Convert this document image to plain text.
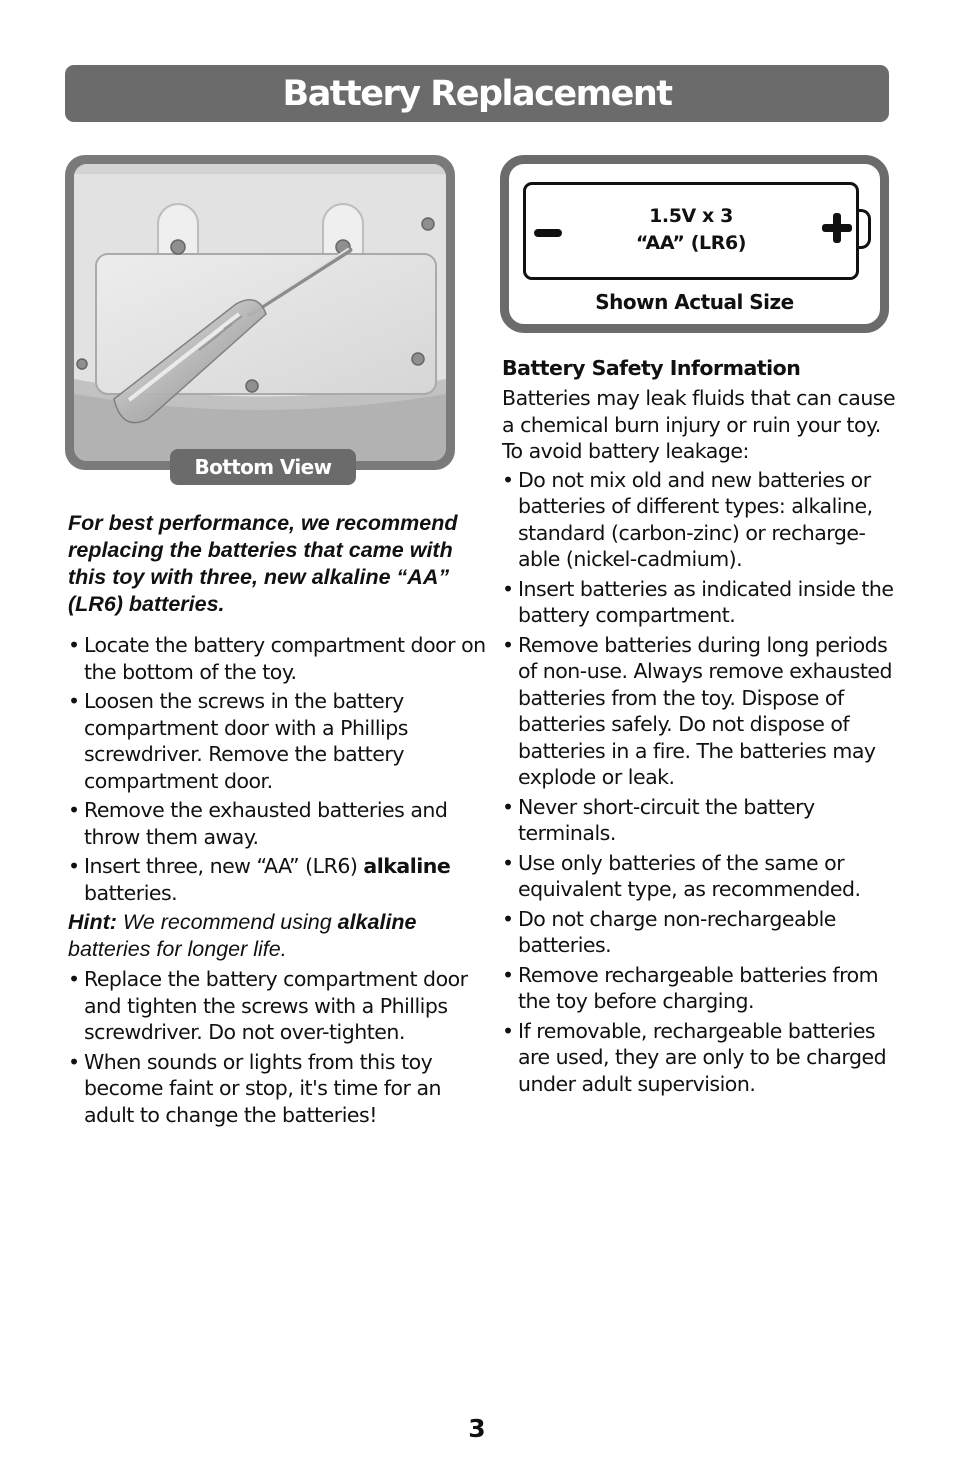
Battery Replacement
Bottom View
1.5V x 3
“AA” (LR6)
Shown Actual Size

For best performance, we recommend replacing the batteries that came with this toy with three, new alkaline “AA” (LR6) batteries.

• Locate the battery compartment door on the bottom of the toy.
• Loosen the screws in the battery compartment door with a Phillips screwdriver. Remove the battery compartment door.
• Remove the exhausted batteries and throw them away.
• Insert three, new “AA” (LR6) alkaline batteries.

Hint: We recommend using alkaline batteries for longer life.

• Replace the battery compartment door and tighten the screws with a Phillips screwdriver. Do not over-tighten.
• When sounds or lights from this toy become faint or stop, it's time for an adult to change the batteries!

Battery Safety Information

Batteries may leak fluids that can cause a chemical burn injury or ruin your toy. To avoid battery leakage:

• Do not mix old and new batteries or batteries of different types: alkaline, standard (carbon-zinc) or recharge-able (nickel-cadmium).
• Insert batteries as indicated inside the battery compartment.
• Remove batteries during long periods of non-use. Always remove exhausted batteries from the toy. Dispose of batteries safely. Do not dispose of batteries in a fire. The batteries may explode or leak.
• Never short-circuit the battery terminals.
• Use only batteries of the same or equivalent type, as recommended.
• Do not charge non-rechargeable batteries.
• Remove rechargeable batteries from the toy before charging.
• If removable, rechargeable batteries are used, they are only to be charged under adult supervision.
3
